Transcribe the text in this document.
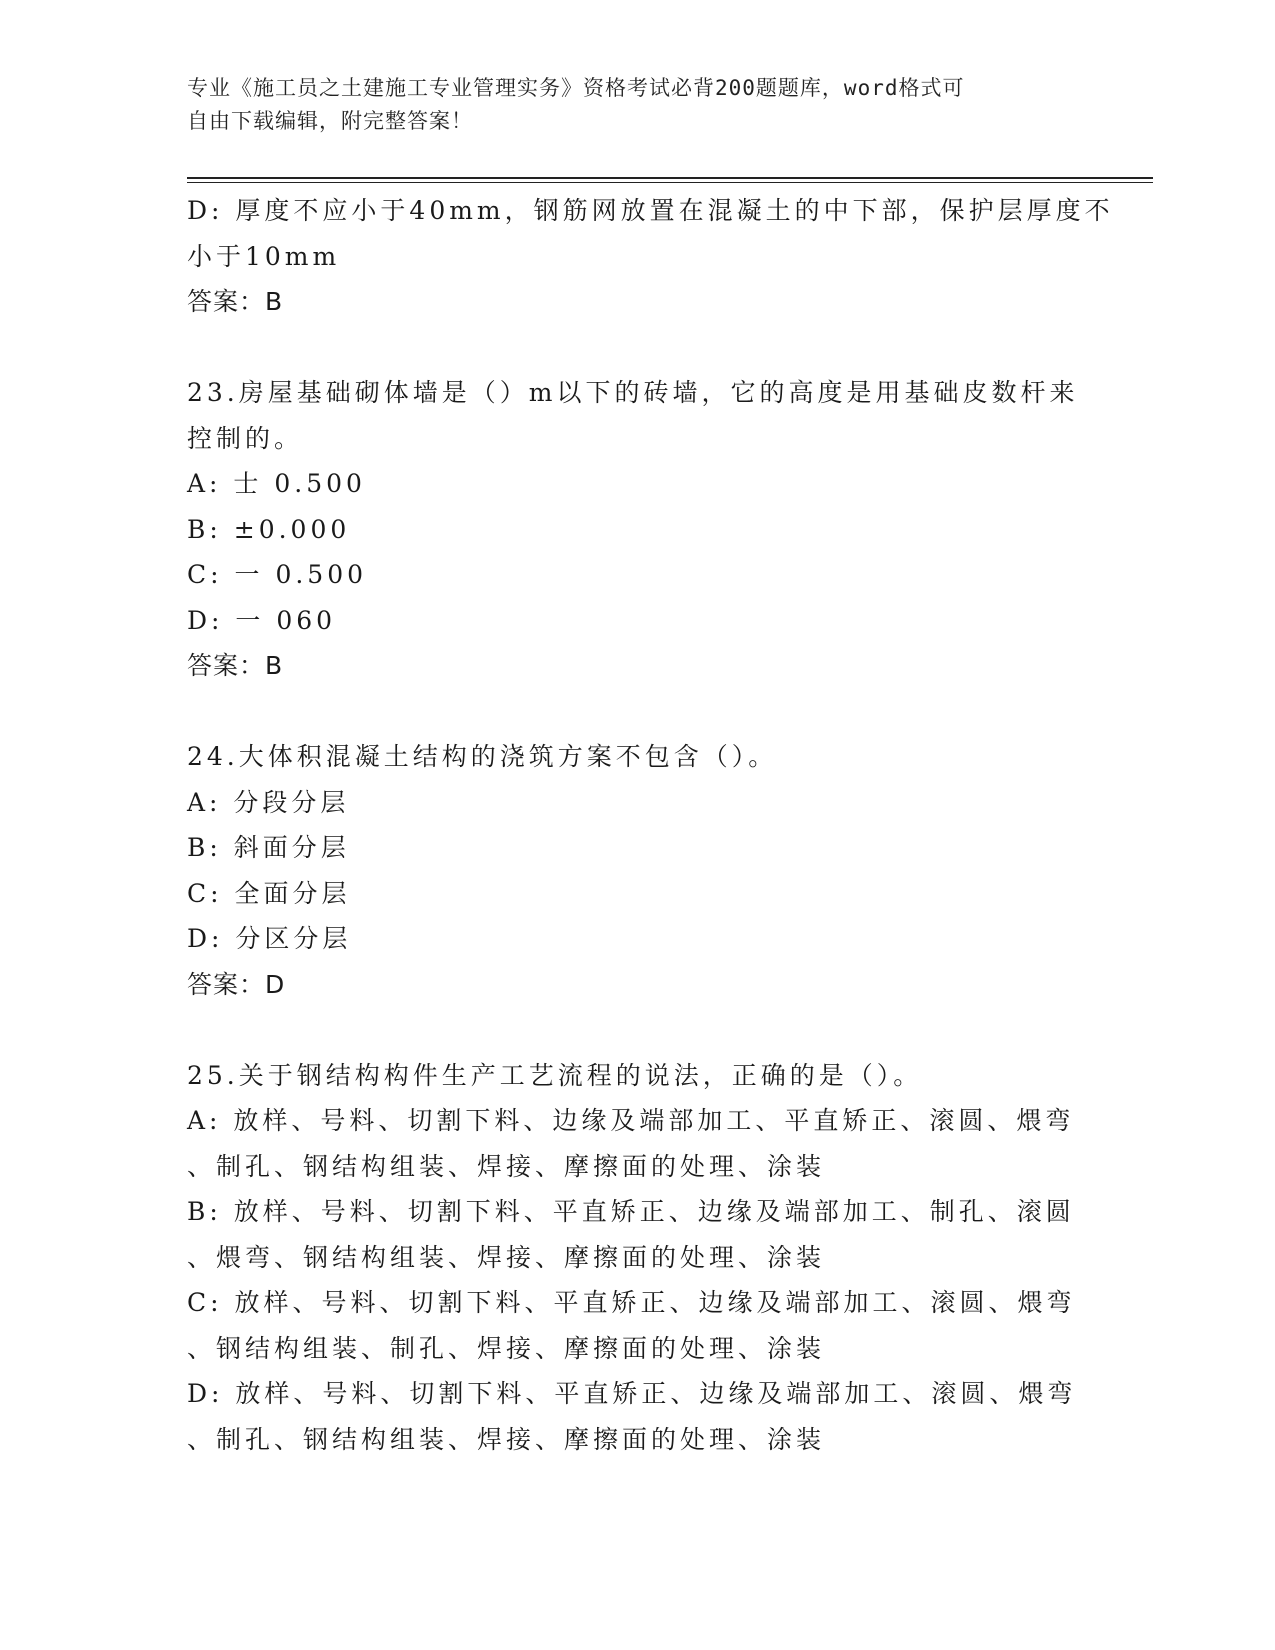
专业《施工员之土建施工专业管理实务》资格考试必背200题题库，word格式可

自由下载编辑，附完整答案！

D: 厚度不应小于40mm，钢筋网放置在混凝土的中下部，保护层厚度不

小于10mm

答案：B

23.房屋基础砌体墙是（）m以下的砖墙，它的高度是用基础皮数杆来

控制的。

A: 士 0.500

B: ±0.000

C: 一 0.500

D: 一 060

答案：B

24.大体积混凝土结构的浇筑方案不包含（）。

A: 分段分层

B: 斜面分层

C: 全面分层

D: 分区分层

答案：D

25.关于钢结构构件生产工艺流程的说法，正确的是（）。

A: 放样、号料、切割下料、边缘及端部加工、平直矫正、滚圆、煨弯

、制孔、钢结构组装、焊接、摩擦面的处理、涂装

B: 放样、号料、切割下料、平直矫正、边缘及端部加工、制孔、滚圆

、煨弯、钢结构组装、焊接、摩擦面的处理、涂装

C: 放样、号料、切割下料、平直矫正、边缘及端部加工、滚圆、煨弯

、钢结构组装、制孔、焊接、摩擦面的处理、涂装

D: 放样、号料、切割下料、平直矫正、边缘及端部加工、滚圆、煨弯

、制孔、钢结构组装、焊接、摩擦面的处理、涂装
